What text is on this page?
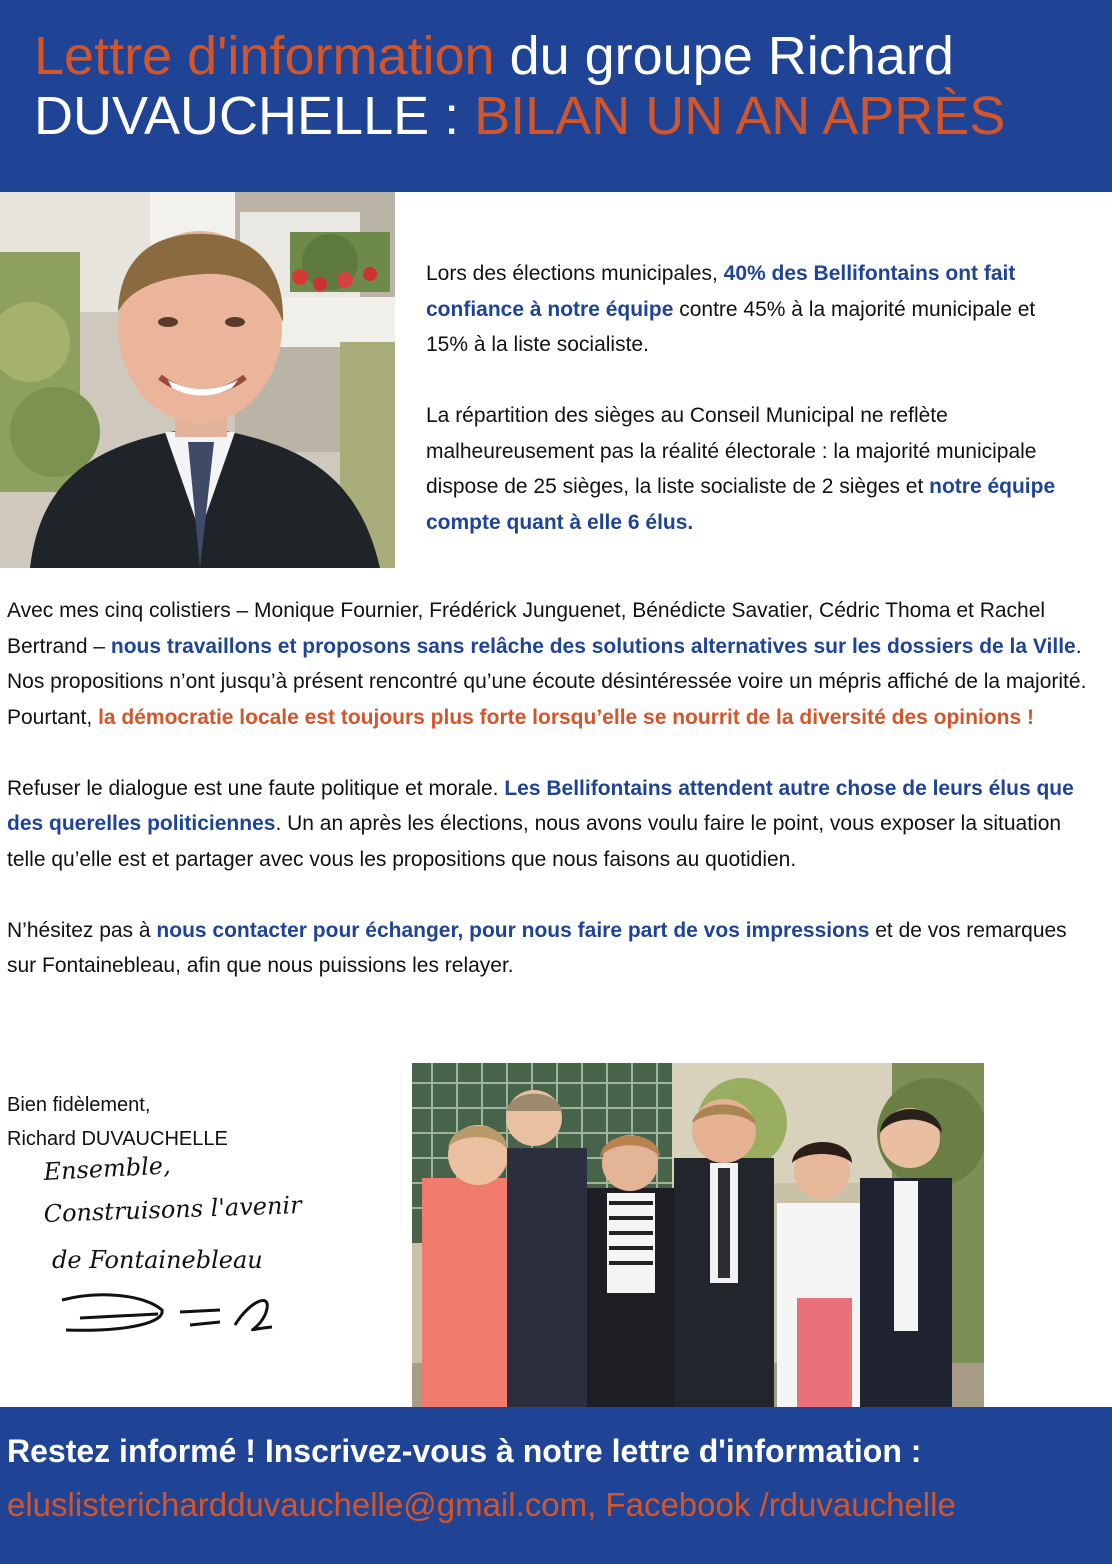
Lettre d'information du groupe Richard DUVAUCHELLE : BILAN UN AN APRÈS

Lors des élections municipales, 40% des Bellifontains ont fait confiance à notre équipe contre 45% à la majorité municipale et 15% à la liste socialiste.

La répartition des sièges au Conseil Municipal ne reflète malheureusement pas la réalité électorale : la majorité municipale dispose de 25 sièges, la liste socialiste de 2 sièges et notre équipe compte quant à elle 6 élus.

Avec mes cinq colistiers – Monique Fournier, Frédérick Junguenet, Bénédicte Savatier, Cédric Thoma et Rachel Bertrand – nous travaillons et proposons sans relâche des solutions alternatives sur les dossiers de la Ville. Nos propositions n’ont jusqu’à présent rencontré qu’une écoute désintéressée voire un mépris affiché de la majorité. Pourtant, la démocratie locale est toujours plus forte lorsqu’elle se nourrit de la diversité des opinions !

Refuser le dialogue est une faute politique et morale. Les Bellifontains attendent autre chose de leurs élus que des querelles politiciennes. Un an après les élections, nous avons voulu faire le point, vous exposer la situation telle qu’elle est et partager avec vous les propositions que nous faisons au quotidien.

N’hésitez pas à nous contacter pour échanger, pour nous faire part de vos impressions et de vos remarques sur Fontainebleau, afin que nous puissions les relayer.

Bien fidèlement,
Richard DUVAUCHELLE
Ensemble,
Construisons l'avenir
de Fontainebleau
Restez informé ! Inscrivez-vous à notre lettre d'information :
eluslisterichardduvauchelle@gmail.com, Facebook /rduvauchelle
